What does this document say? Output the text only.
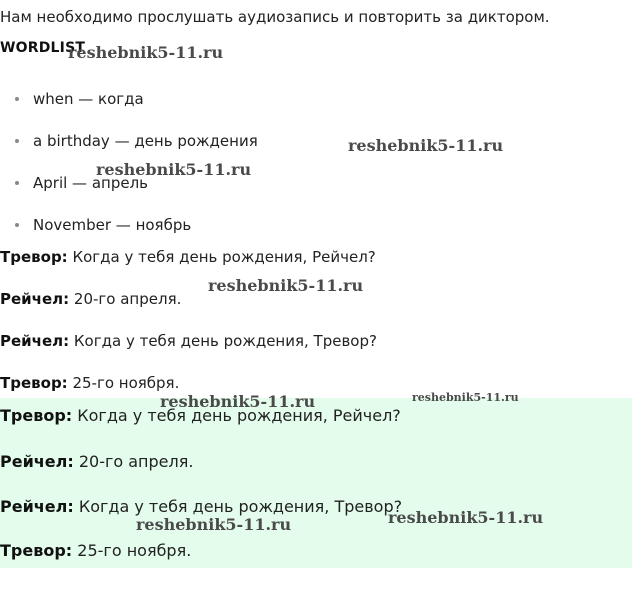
Нам необходимо прослушать аудиозапись и повторить за диктором.
WORDLIST
when — когда
a birthday — день рождения
April — апрель
November — ноябрь
Тревор: Когда у тебя день рождения, Рейчел?
Рейчел: 20-го апреля.
Рейчел: Когда у тебя день рождения, Тревор?
Тревор: 25-го ноября.
Тревор: Когда у тебя день рождения, Рейчел?
Рейчел: 20-го апреля.
Рейчел: Когда у тебя день рождения, Тревор?
Тревор: 25-го ноября.
reshebnik5-11.ru
reshebnik5-11.ru
reshebnik5-11.ru
reshebnik5-11.ru
reshebnik5-11.ru	reshebnik5-11.ru
reshebnik5-11.ru
reshebnik5-11.ru
